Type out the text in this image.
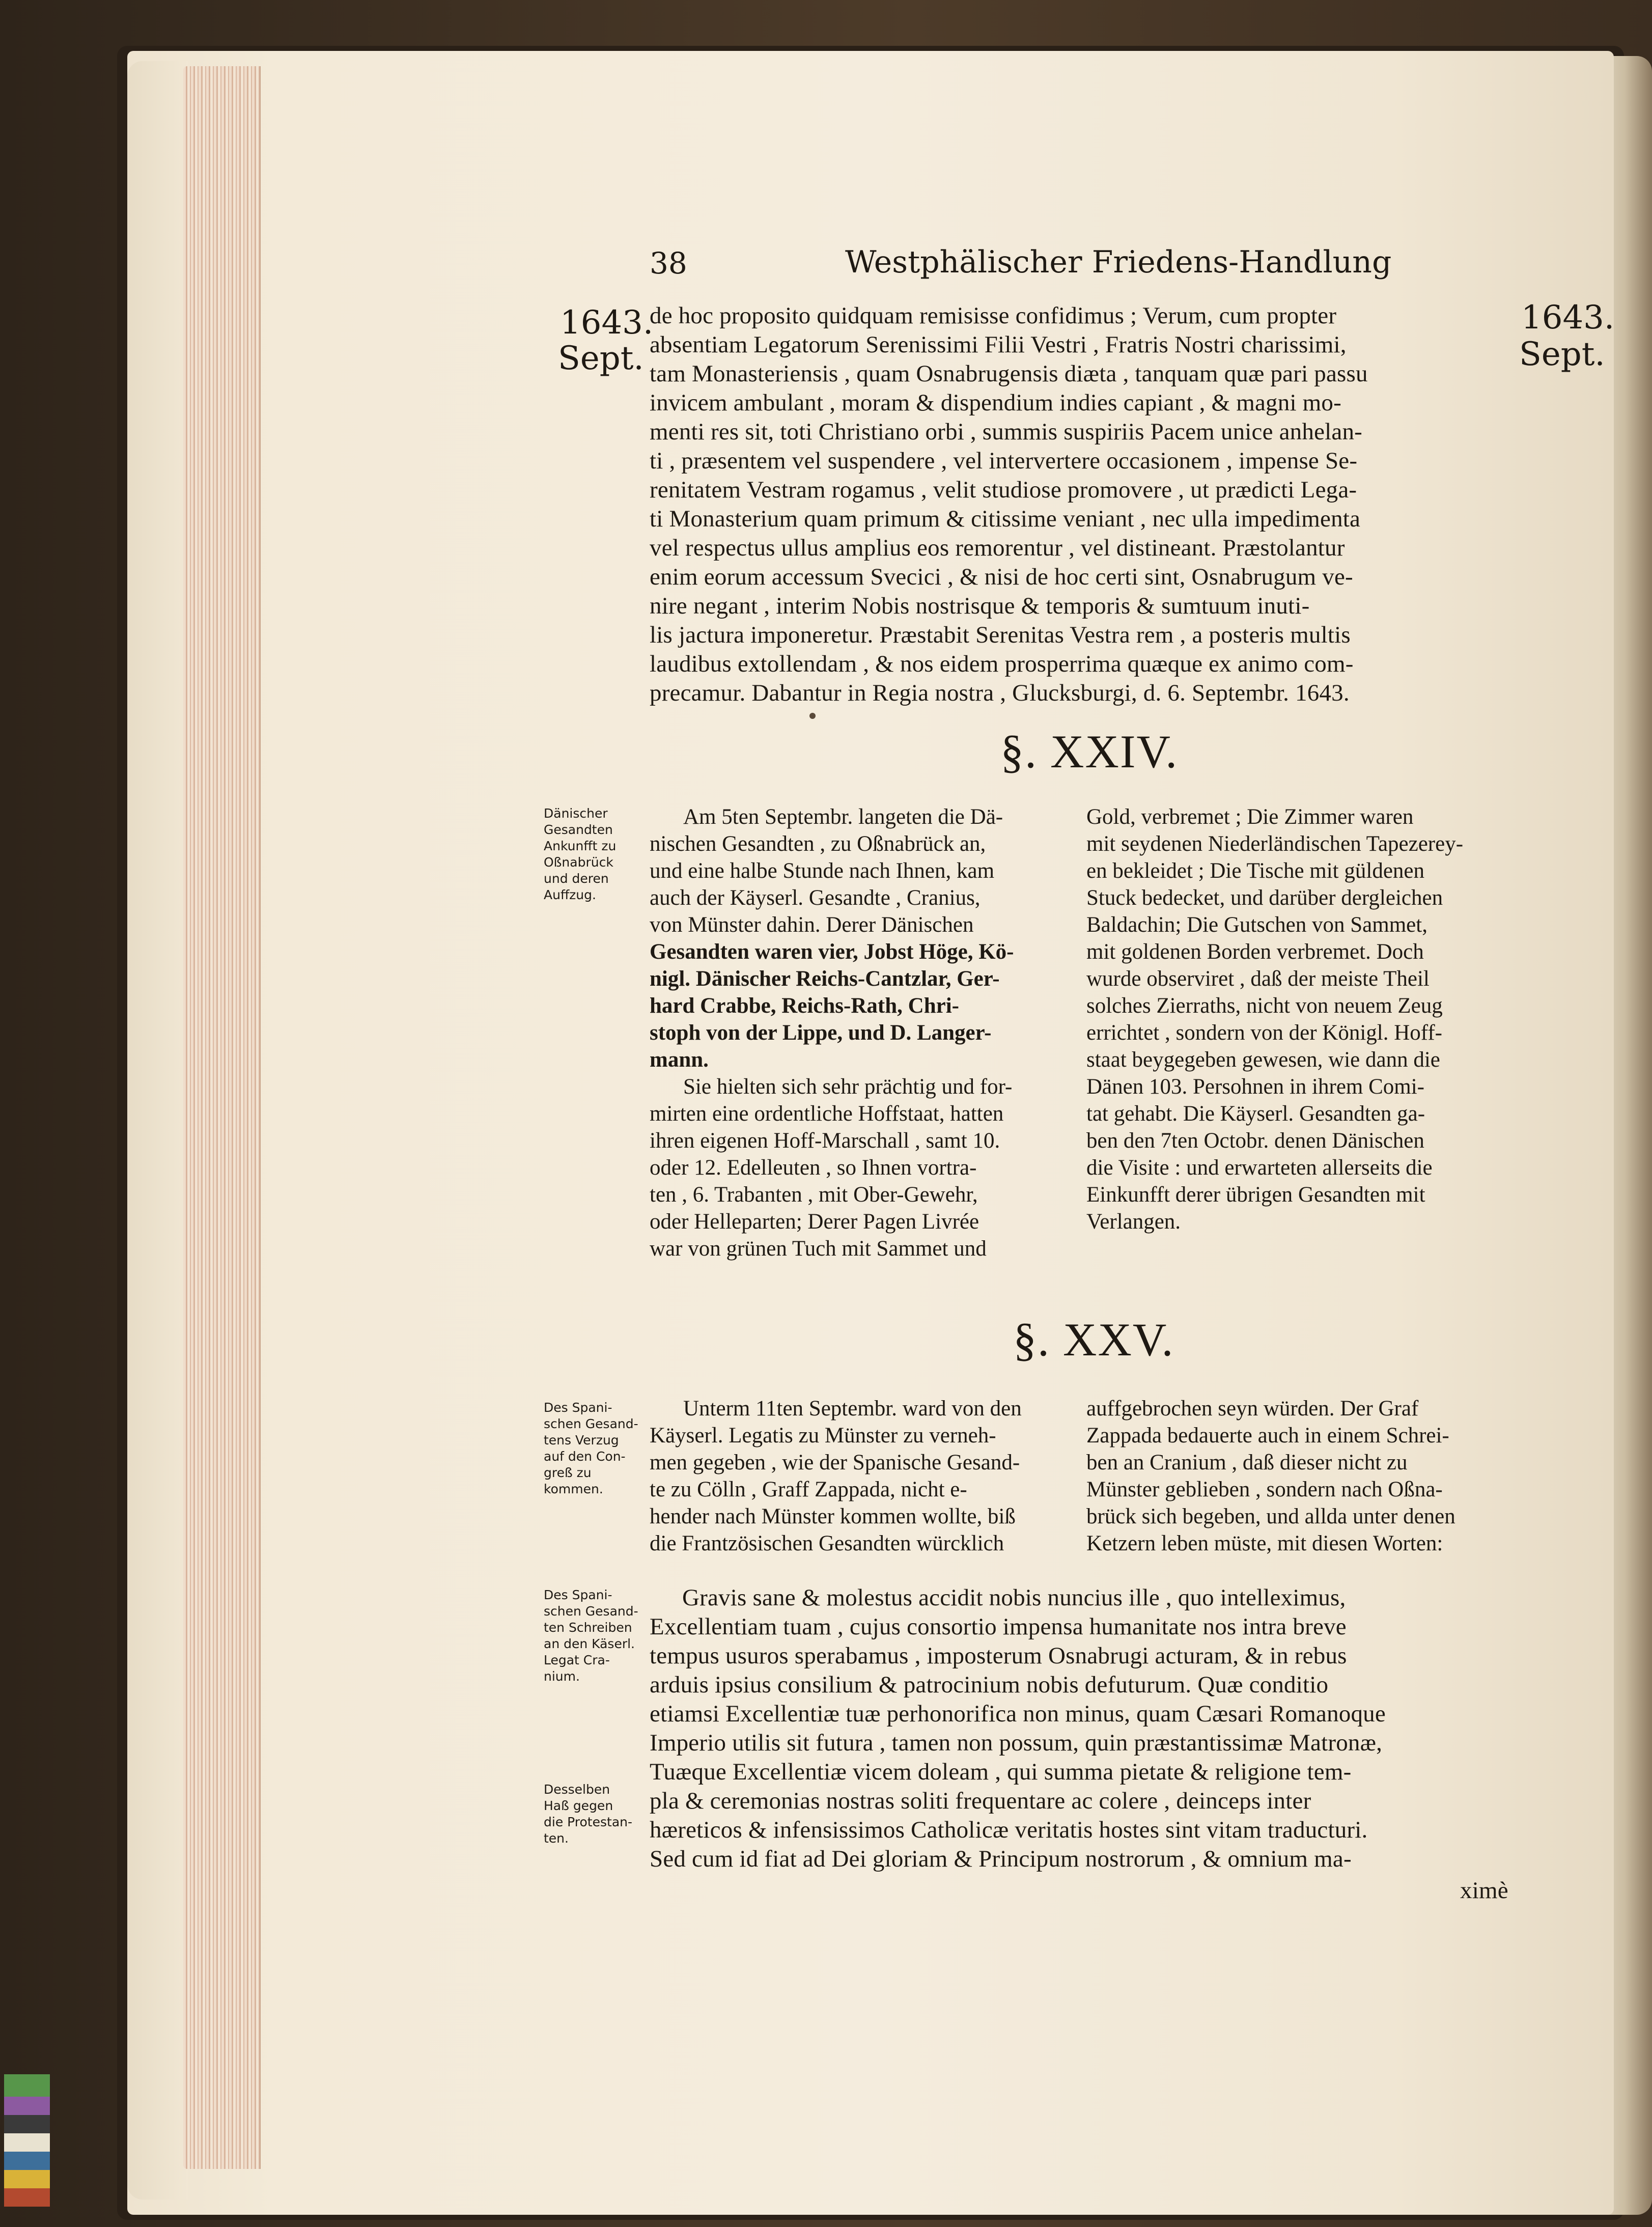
38	Westphälischer Friedens-Handlung
1643.
Sept.
1643.
Sept.
de hoc proposito quidquam remisisse confidimus ; Verum, cum propter
absentiam Legatorum Serenissimi Filii Vestri , Fratris Nostri charissimi,
tam Monasteriensis , quam Osnabrugensis diæta , tanquam quæ pari passu
invicem ambulant , moram & dispendium indies capiant , & magni mo-
menti res sit, toti Christiano orbi , summis suspiriis Pacem unice anhelan-
ti , præsentem vel suspendere , vel intervertere occasionem , impense Se-
renitatem Vestram rogamus , velit studiose promovere , ut prædicti Lega-
ti Monasterium quam primum & citissime veniant , nec ulla impedimenta
vel respectus ullus amplius eos remorentur , vel distineant. Præstolantur
enim eorum accessum Svecici , & nisi de hoc certi sint, Osnabrugum ve-
nire negant , interim Nobis nostrisque & temporis & sumtuum inuti-
lis jactura imponeretur. Præstabit Serenitas Vestra rem , a posteris multis
laudibus extollendam , & nos eidem prosperrima quæque ex animo com-
precamur. Dabantur in Regia nostra , Glucksburgi, d. 6. Septembr. 1643.
§. XXIV.
Dänischer
Gesandten
Ankunfft zu
Oßnabrück
und deren
Auffzug.
Am 5ten Septembr. langeten die Dä-
nischen Gesandten , zu Oßnabrück an,
und eine halbe Stunde nach Ihnen, kam
auch der Käyserl. Gesandte , Cranius,
von Münster dahin. Derer Dänischen
Gesandten waren vier, Jobst Höge, Kö-
nigl. Dänischer Reichs-Cantzlar, Ger-
hard Crabbe, Reichs-Rath, Chri-
stoph von der Lippe, und D. Langer-
mann.
Sie hielten sich sehr prächtig und for-
mirten eine ordentliche Hoffstaat, hatten
ihren eigenen Hoff-Marschall , samt 10.
oder 12. Edelleuten , so Ihnen vortra-
ten , 6. Trabanten , mit Ober-Gewehr,
oder Helleparten; Derer Pagen Livrée
war von grünen Tuch mit Sammet und
Gold, verbremet ; Die Zimmer waren
mit seydenen Niederländischen Tapezerey-
en bekleidet ; Die Tische mit güldenen
Stuck bedecket, und darüber dergleichen
Baldachin; Die Gutschen von Sammet,
mit goldenen Borden verbremet. Doch
wurde observiret , daß der meiste Theil
solches Zierraths, nicht von neuem Zeug
errichtet , sondern von der Königl. Hoff-
staat beygegeben gewesen, wie dann die
Dänen 103. Persohnen in ihrem Comi-
tat gehabt. Die Käyserl. Gesandten ga-
ben den 7ten Octobr. denen Dänischen
die Visite : und erwarteten allerseits die
Einkunfft derer übrigen Gesandten mit
Verlangen.
§. XXV.
Des Spani-
schen Gesand-
tens Verzug
auf den Con-
greß zu
kommen.
Unterm 11ten Septembr. ward von den
Käyserl. Legatis zu Münster zu verneh-
men gegeben , wie der Spanische Gesand-
te zu Cölln , Graff Zappada, nicht e-
hender nach Münster kommen wollte, biß
die Frantzösischen Gesandten würcklich
auffgebrochen seyn würden. Der Graf
Zappada bedauerte auch in einem Schrei-
ben an Cranium , daß dieser nicht zu
Münster geblieben , sondern nach Oßna-
brück sich begeben, und allda unter denen
Ketzern leben müste, mit diesen Worten:
Des Spani-
schen Gesand-
ten Schreiben
an den Käserl.
Legat Cra-
nium.
Desselben
Haß gegen
die Protestan-
ten.
Gravis sane & molestus accidit nobis nuncius ille , quo intelleximus,
Excellentiam tuam , cujus consortio impensa humanitate nos intra breve
tempus usuros sperabamus , imposterum Osnabrugi acturam, & in rebus
arduis ipsius consilium & patrocinium nobis defuturum. Quæ conditio
etiamsi Excellentiæ tuæ perhonorifica non minus, quam Cæsari Romanoque
Imperio utilis sit futura , tamen non possum, quin præstantissimæ Matronæ,
Tuæque Excellentiæ vicem doleam , qui summa pietate & religione tem-
pla & ceremonias nostras soliti frequentare ac colere , deinceps inter
hæreticos & infensissimos Catholicæ veritatis hostes sint vitam traducturi.
Sed cum id fiat ad Dei gloriam & Principum nostrorum , & omnium ma-
ximè
